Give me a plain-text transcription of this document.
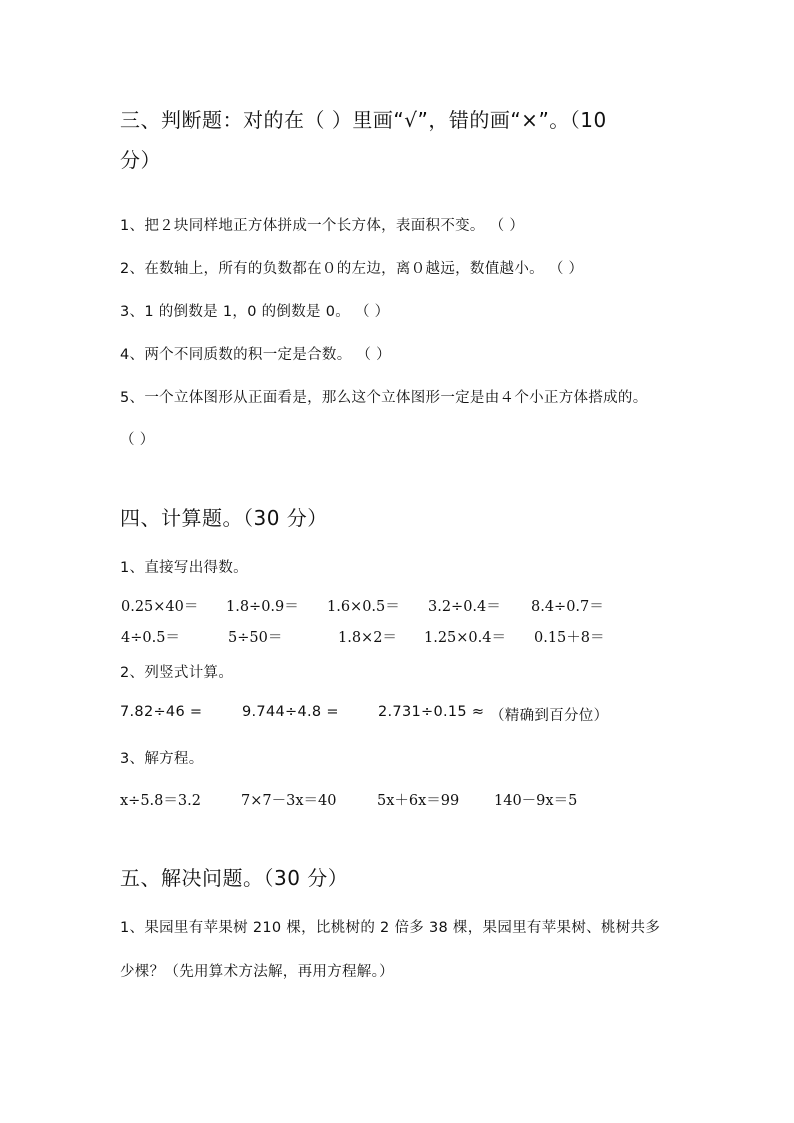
三、判断题：对的在（ ）里画“√”，错的画“×”。（10
分）
1、把２块同样地正方体拼成一个长方体，表面积不变。 （ ）
2、在数轴上，所有的负数都在０的左边，离０越远，数值越小。 （ ）
3、1 的倒数是 1，0 的倒数是 0。 （ ）
4、两个不同质数的积一定是合数。 （ ）
5、一个立体图形从正面看是，那么这个立体图形一定是由４个小正方体搭成的。
（ ）
四、计算题。（30 分）
1、直接写出得数。
0.25×40＝ 1.8÷0.9＝ 1.6×0.5＝ 3.2÷0.4＝ 8.4÷0.7＝
4÷0.5＝	5÷50＝	1.8×2＝ 1.25×0.4＝ 0.15＋8＝
2、列竖式计算。
7.82÷46 =	9.744÷4.8 =	2.731÷0.15 ≈ （精确到百分位）
3、解方程。
x÷5.8＝3.2	7×7－3x＝40	5x＋6x＝99 140－9x＝5
五、解决问题。（30 分）
1、果园里有苹果树 210 棵，比桃树的 2 倍多 38 棵，果园里有苹果树、桃树共多
少棵？（先用算术方法解，再用方程解。）
